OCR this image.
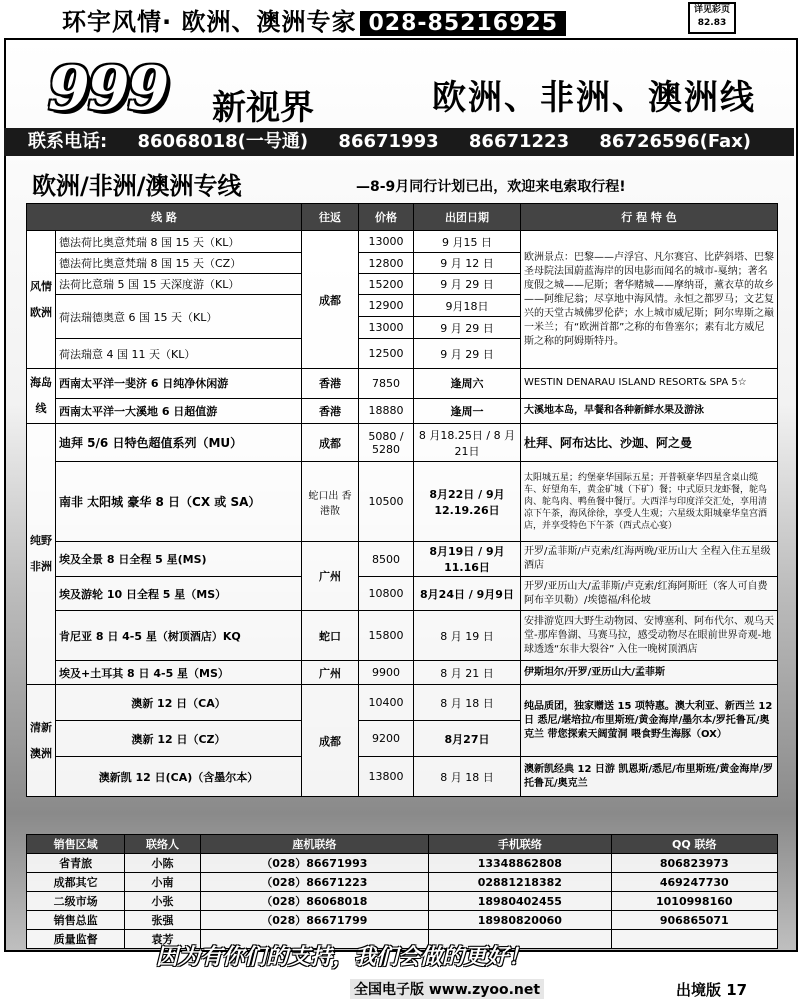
环宇风情· 欧洲、澳洲专家 028-85216925
详见彩页
82.83
999 新视界	欧洲、非洲、澳洲线
联系电话: 86068018(一号通) 86671993 86671223 86726596(Fax)
欧洲/非洲/澳洲专线	—8-9月同行计划已出，欢迎来电索取行程!
线 路		往返	价格	出团日期	行 程 特 色
风情欧洲	德法荷比奥意梵瑞 8 国 15 天（KL）	成都	13000	9 月15 日	欧洲景点：巴黎——卢浮宫、凡尔赛宫、比萨斜塔、巴黎圣母院法国蔚蓝海岸的因电影而闻名的城市-戛纳；著名度假之城——尼斯；奢华赌城——摩纳哥，薰衣草的故乡——阿维尼翁；尽享地中海风情。永恒之都罗马；文艺复兴的天堂古城佛罗伦萨；水上城市威尼斯；阿尔卑斯之巅一米兰；有“欧洲首都”之称的布鲁塞尔；素有北方威尼斯之称的阿姆斯特丹。
	德法荷比奥意梵瑞 8 国 15 天（CZ）		12800	9 月 12 日	
	法荷比意瑞 5 国 15 天深度游（KL）		15200	9 月 29 日	
	荷法瑞德奥意 6 国 15 天（KL）		12900	9月18日	
			13000	9 月 29 日	
	荷法瑞意 4 国 11 天（KL）		12500	9 月 29 日	
海岛线	西南太平洋一斐济 6 日纯净休闲游	香港	7850	逢周六	WESTIN DENARAU ISLAND RESORT& SPA 5☆
	西南太平洋一大溪地 6 日超值游	香港	18880	逢周一	大溪地本岛，早餐和各种新鲜水果及游泳
纯野非洲	迪拜 5/6 日特色超值系列（MU）	成都	5080 / 5280	8 月18.25日 / 8 月21日	杜拜、阿布达比、沙迦、阿之曼
	南非 太阳城 豪华 8 日（CX 或 SA）	蛇口出 香港散	10500	8月22日 / 9月12.19.26日	太阳城五星；约堡豪华国际五星；开普顿豪华四星含桌山缆车、好望角车，黄金矿城（下矿）餐；中式原只龙虾餐，鸵鸟肉、鸵鸟肉、鸭鱼餐中餐厅。大西洋与印度洋交汇处，享用清凉下午茶，海风徐徐，享受人生观；六星级太阳城豪华皇宫酒店，并享受特色下午茶（西式点心宴）
	埃及全景 8 日全程 5 星(MS)	广州	8500	8月19日 / 9月11.16日	开罗/孟菲斯/卢克索/红海两晚/亚历山大 全程入住五星级酒店
	埃及游轮 10 日全程 5 星（MS）		10800	8月24日 / 9月9日	开罗/亚历山大/孟菲斯/卢克索/红海阿斯旺（客人可自费阿布辛贝勒）/埃德福/科伦坡
	肯尼亚 8 日 4-5 星（树顶酒店）KQ	蛇口	15800	8 月 19 日	安排游览四大野生动物园、安博塞利、阿布代尔、观乌天堂-那库鲁湖、马赛马拉，感受动物尽在眼前世界奇观-地球透透“东非大裂谷” 入住一晚树顶酒店
	埃及+土耳其 8 日 4-5 星（MS）	广州	9900	8 月 21 日	伊斯坦尔/开罗/亚历山大/孟菲斯
清新澳洲	澳新 12 日（CA）	成都	10400	8 月 18 日	纯品质团，独家赠送 15 项特惠。澳大利亚、新西兰 12 日 悉尼/堪培拉/布里斯班/黄金海岸/墨尔本/罗托鲁瓦/奥克兰 带您探索天阔萤洞 喂食野生海豚（OX）
	澳新 12 日（CZ）		9200	8月27日	
	澳新凯 12 日(CA)（含墨尔本）		13800	8 月 18 日	澳新凯经典 12 日游 凯恩斯/悉尼/布里斯班/黄金海岸/罗托鲁瓦/奥克兰
销售区域	联络人	座机联络	手机联络	QQ 联络
省青旅	小陈	（028）86671993	13348862808	806823973
成都其它	小南	（028）86671223	02881218382	469247730
二级市场	小张	（028）86068018	18980402455	1010998160
销售总监	张强	（028）86671799	18980820060	906865071
质量监督	袁芳			
因为有你们的支持，我们会做的更好！
全国电子版 www.zyoo.net	出境版 17
